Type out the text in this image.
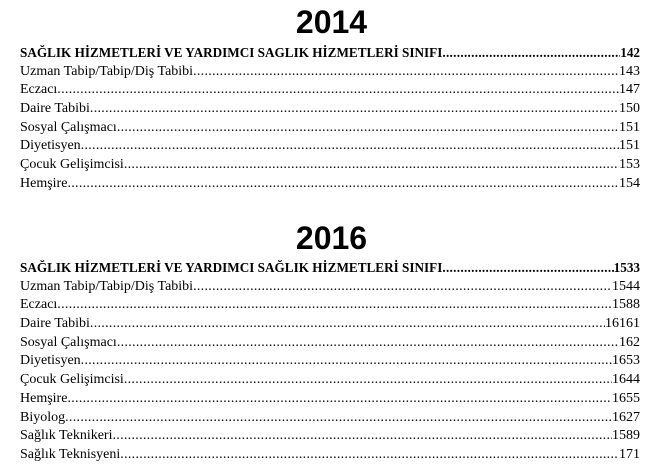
2014
SAĞLIK HİZMETLERİ VE YARDIMCI SAGLIK HİZMETLERİ SINIFI .....	142
Uzman Tabip/Tabip/Diş Tabibi .....	143
Eczacı .....	147
Daire Tabibi .....	150
Sosyal Çalışmacı .....	151
Diyetisyen .....	151
Çocuk Gelişimcisi .....	153
Hemşire .....	154
2016
SAĞLIK HİZMETLERİ VE YARDIMCI SAĞLIK HİZMETLERİ SINIFI .....	1533
Uzman Tabip/Tabip/Diş Tabibi .....	1544
Eczacı .....	1588
Daire Tabibi .....	16161
Sosyal Çalışmacı .....	162
Diyetisyen .....	1653
Çocuk Gelişimcisi .....	1644
Hemşire .....	1655
Biyolog .....	1627
Sağlık Teknikeri .....	1589
Sağlık Teknisyeni .....	171
